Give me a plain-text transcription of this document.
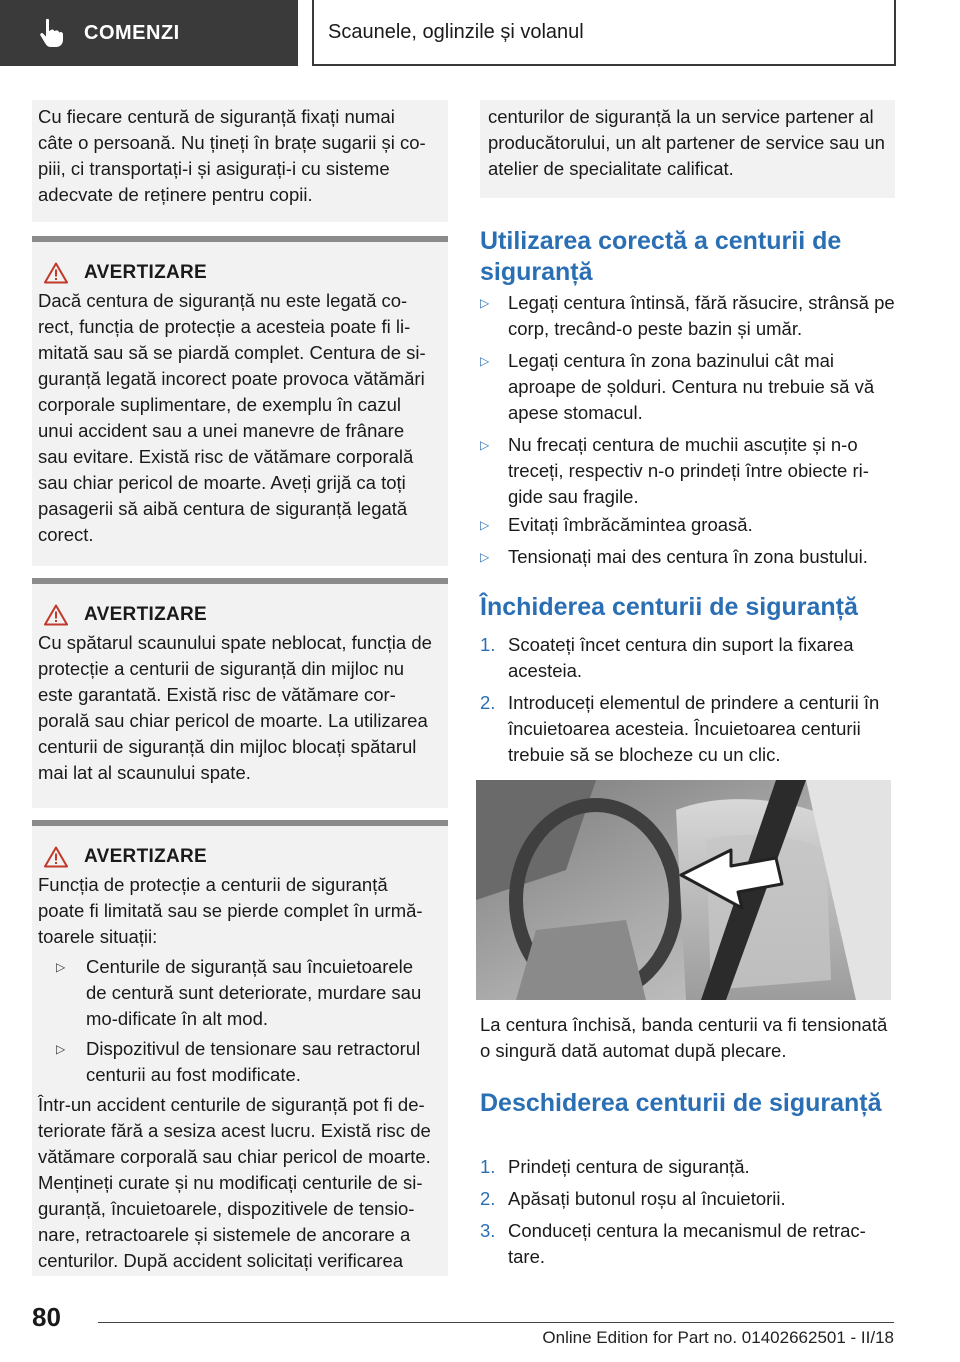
COMENZI	Scaunele, oglinzile și volanul

Cu fiecare centură de siguranță fixați numai câte o persoană. Nu țineți în brațe sugarii și co-piii, ci transportați-i și asigurați-i cu sisteme adecvate de reținere pentru copii.

AVERTIZARE

Dacă centura de siguranță nu este legată co-rect, funcția de protecție a acesteia poate fi li-mitată sau să se piardă complet. Centura de si-guranță legată incorect poate provoca vătămări corporale suplimentare, de exemplu în cazul unui accident sau a unei manevre de frânare sau evitare. Există risc de vătămare corporală sau chiar pericol de moarte. Aveți grijă ca toți pasagerii să aibă centura de siguranță legată corect.

AVERTIZARE

Cu spătarul scaunului spate neblocat, funcția de protecție a centurii de siguranță din mijloc nu este garantată. Există risc de vătămare cor-porală sau chiar pericol de moarte. La utilizarea centurii de siguranță din mijloc blocați spătarul mai lat al scaunului spate.

AVERTIZARE

Funcția de protecție a centurii de siguranță poate fi limitată sau se pierde complet în urmă-toarele situații:

▷	Centurile de siguranță sau încuietoarele de centură sunt deteriorate, murdare sau mo-dificate în alt mod.
▷	Dispozitivul de tensionare sau retractorul centurii au fost modificate.

Într-un accident centurile de siguranță pot fi de-teriorate fără a sesiza acest lucru. Există risc de vătămare corporală sau chiar pericol de moarte. Mențineți curate și nu modificați centurile de si-guranță, încuietoarele, dispozitivele de tensio-nare, retractoarele și sistemele de ancorare a centurilor. După accident solicitați verificarea

centurilor de siguranță la un service partener al producătorului, un alt partener de service sau un atelier de specialitate calificat.

Utilizarea corectă a centurii de siguranță
▷	Legați centura întinsă, fără răsucire, strânsă pe corp, trecând-o peste bazin și umăr.
▷	Legați centura în zona bazinului cât mai aproape de șolduri. Centura nu trebuie să vă apese stomacul.
▷	Nu frecați centura de muchii ascuțite și n-o treceți, respectiv n-o prindeți între obiecte ri-gide sau fragile.
▷	Evitați îmbrăcămintea groasă.
▷	Tensionați mai des centura în zona bustului.
Închiderea centurii de siguranță
1. Scoateți încet centura din suport la fixarea acesteia.
2. Introduceți elementul de prindere a centurii în încuietoarea acesteia. Încuietoarea centurii trebuie să se blocheze cu un clic.
La centura închisă, banda centurii va fi tensionată o singură dată automat după plecare.
Deschiderea centurii de siguranță
1. Prindeți centura de siguranță.
2. Apăsați butonul roșu al încuietorii.
3. Conduceți centura la mecanismul de retrac-tare.
80
Online Edition for Part no. 01402662501 - II/18
